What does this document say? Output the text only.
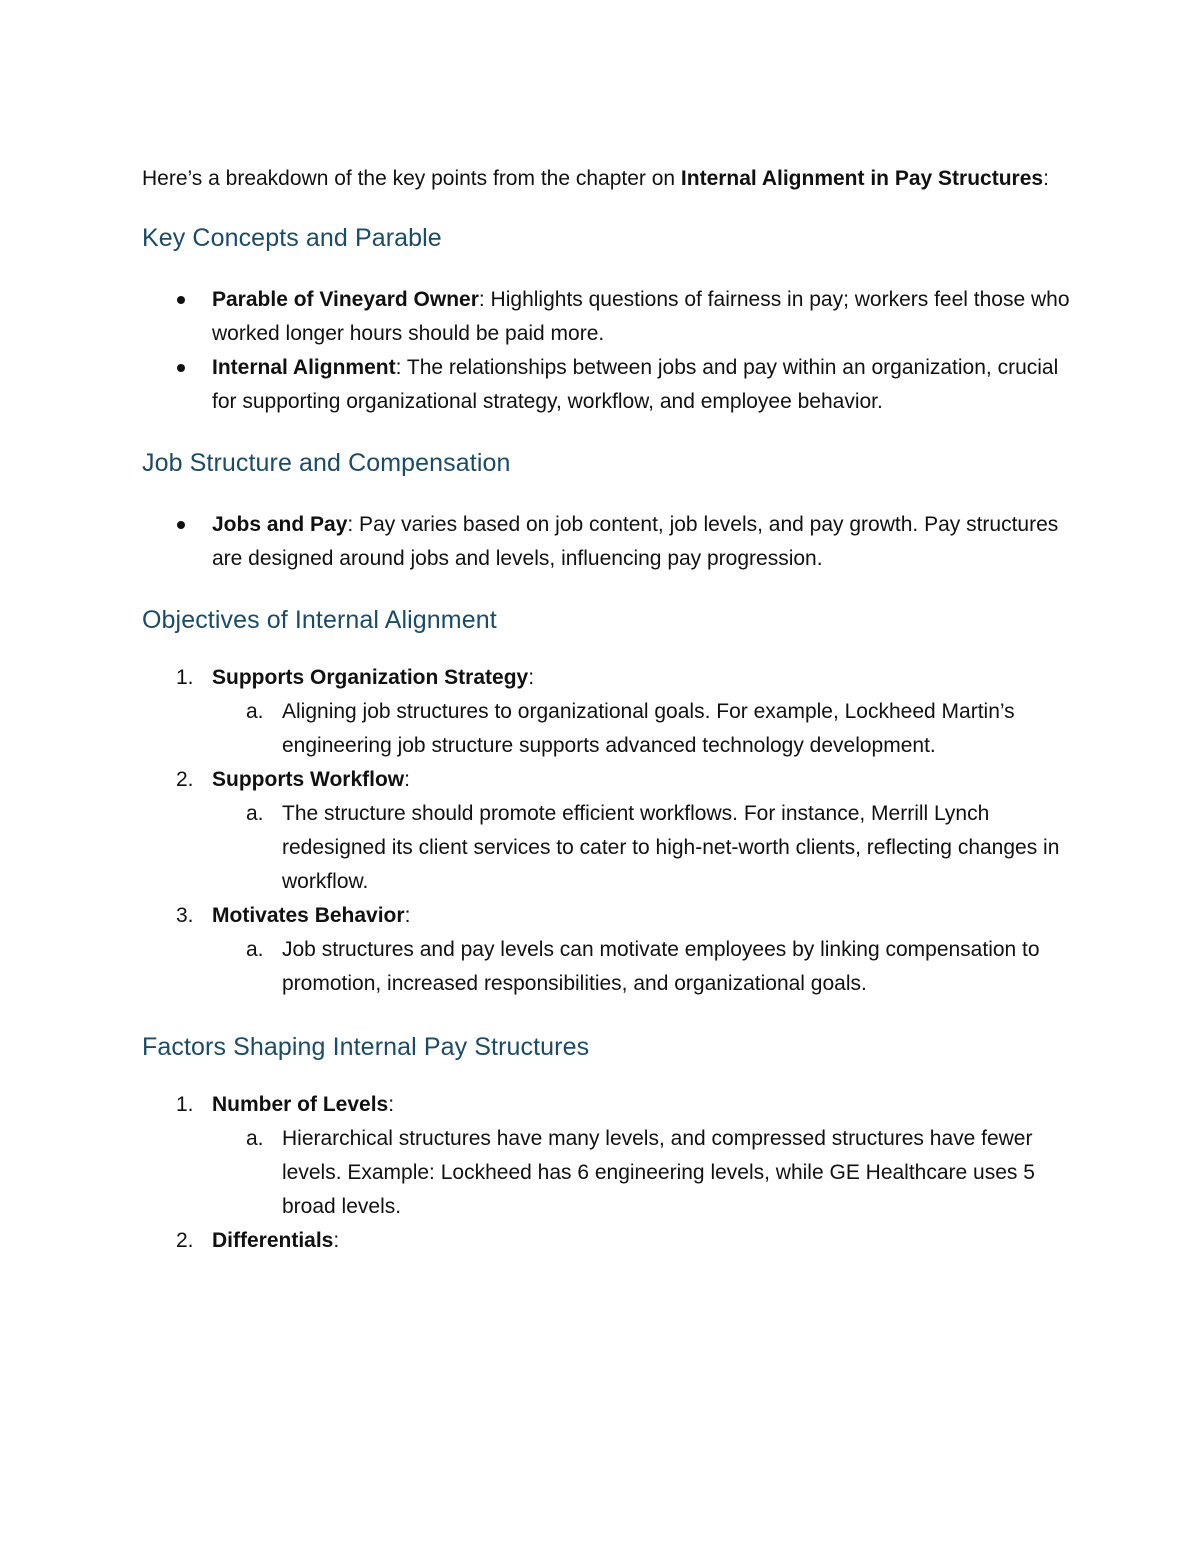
Here’s a breakdown of the key points from the chapter on Internal Alignment in Pay Structures:

Key Concepts and Parable
Parable of Vineyard Owner: Highlights questions of fairness in pay; workers feel those who worked longer hours should be paid more.
Internal Alignment: The relationships between jobs and pay within an organization, crucial for supporting organizational strategy, workflow, and employee behavior.
Job Structure and Compensation
Jobs and Pay: Pay varies based on job content, job levels, and pay growth. Pay structures are designed around jobs and levels, influencing pay progression.
Objectives of Internal Alignment
1. Supports Organization Strategy:
a. Aligning job structures to organizational goals. For example, Lockheed Martin’s engineering job structure supports advanced technology development.
2. Supports Workflow:
a. The structure should promote efficient workflows. For instance, Merrill Lynch redesigned its client services to cater to high-net-worth clients, reflecting changes in workflow.
3. Motivates Behavior:
a. Job structures and pay levels can motivate employees by linking compensation to promotion, increased responsibilities, and organizational goals.
Factors Shaping Internal Pay Structures
1. Number of Levels:
a. Hierarchical structures have many levels, and compressed structures have fewer levels. Example: Lockheed has 6 engineering levels, while GE Healthcare uses 5 broad levels.
2. Differentials:
